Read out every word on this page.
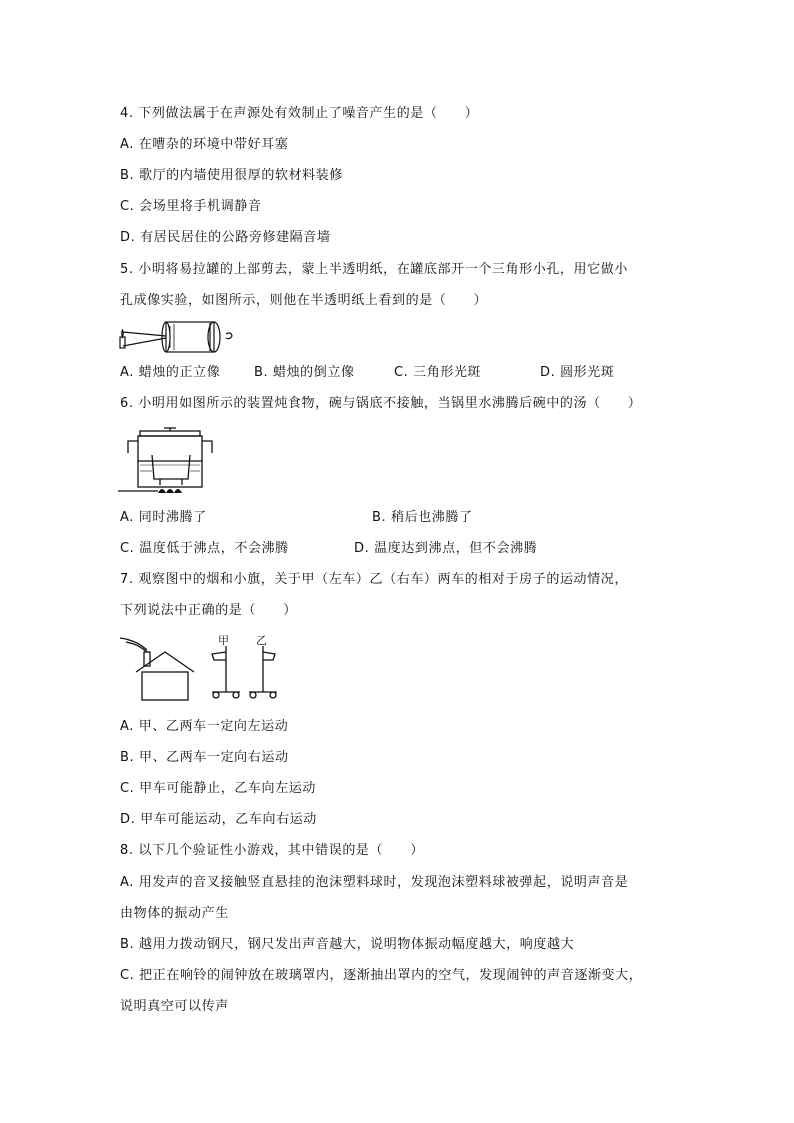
4. 下列做法属于在声源处有效制止了噪音产生的是（　　）
A. 在嘈杂的环境中带好耳塞
B. 歌厅的内墙使用很厚的软材料装修
C. 会场里将手机调静音
D. 有居民居住的公路旁修建隔音墙
5. 小明将易拉罐的上部剪去，蒙上半透明纸，在罐底部开一个三角形小孔，用它做小
孔成像实验，如图所示，则他在半透明纸上看到的是（　　）
A. 蜡烛的正立像	B. 蜡烛的倒立像	C. 三角形光斑	D. 圆形光斑
6. 小明用如图所示的装置炖食物，碗与锅底不接触，当锅里水沸腾后碗中的汤（　　）
A. 同时沸腾了	B. 稍后也沸腾了
C. 温度低于沸点，不会沸腾	D. 温度达到沸点，但不会沸腾
7. 观察图中的烟和小旗，关于甲（左车）乙（右车）两车的相对于房子的运动情况，
下列说法中正确的是（　　）
甲 乙
A. 甲、乙两车一定向左运动
B. 甲、乙两车一定向右运动
C. 甲车可能静止，乙车向左运动
D. 甲车可能运动，乙车向右运动
8. 以下几个验证性小游戏，其中错误的是（　　）
A. 用发声的音叉接触竖直悬挂的泡沫塑料球时，发现泡沫塑料球被弹起，说明声音是
由物体的振动产生
B. 越用力拨动钢尺，钢尺发出声音越大，说明物体振动幅度越大，响度越大
C. 把正在响铃的闹钟放在玻璃罩内，逐渐抽出罩内的空气，发现闹钟的声音逐渐变大，
说明真空可以传声
